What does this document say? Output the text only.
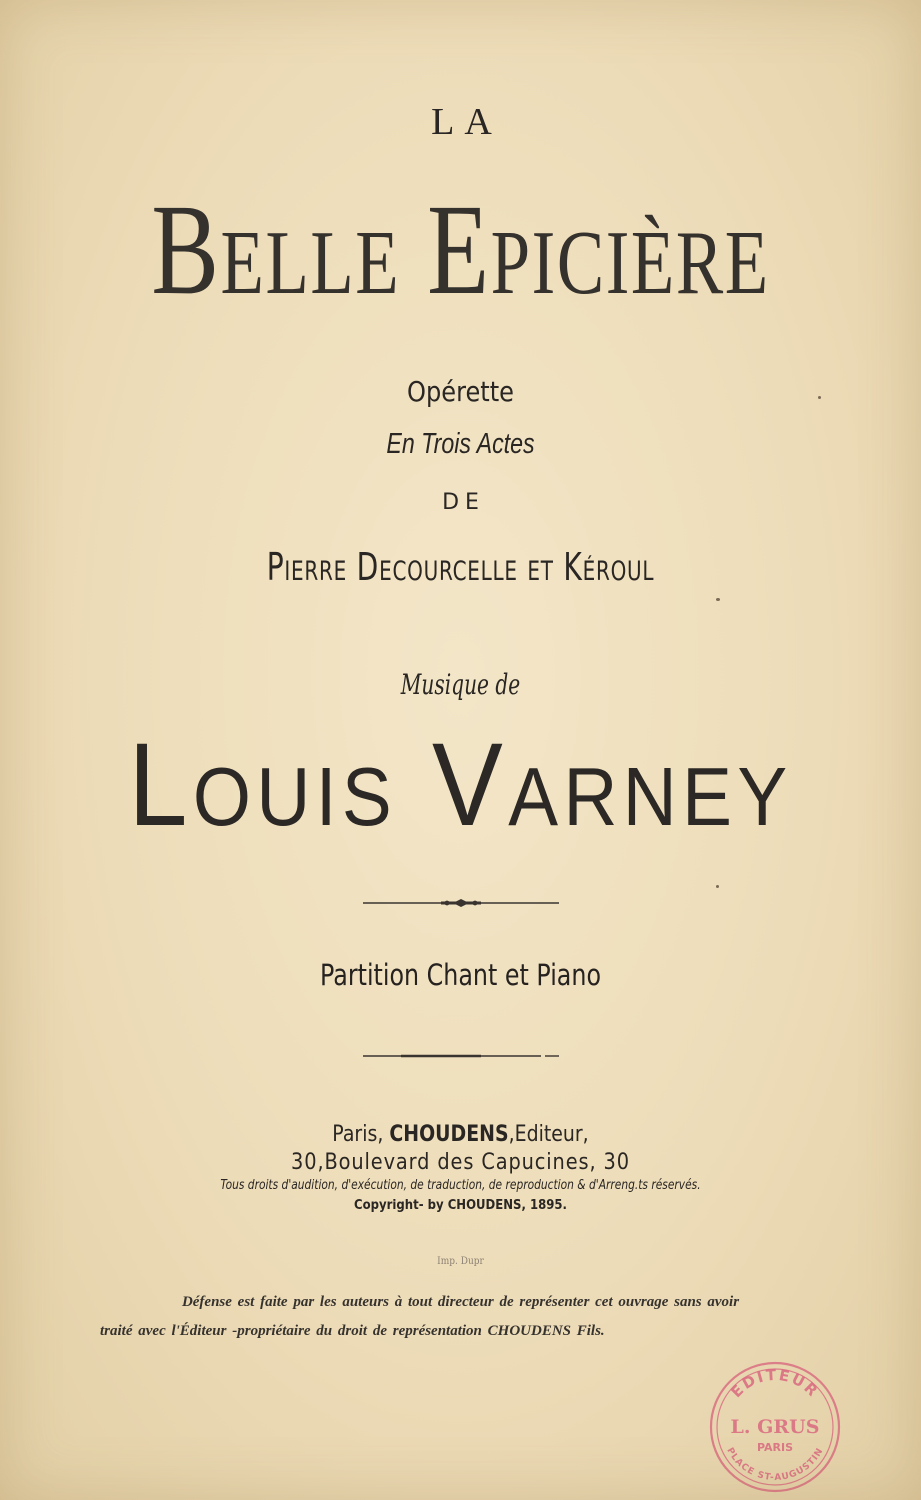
LA
Belle Epicière
Opérette
En Trois Actes
DE
Pierre Decourcelle et Kéroul
Musique de
Louis Varney
Partition Chant et Piano
Paris, CHOUDENS,Editeur,
30,Boulevard des Capucines, 30
Tous droits d'audition, d'exécution, de traduction, de reproduction & d'Arreng.ts réservés.
Copyright- by CHOUDENS, 1895.
Imp. Dupr
Défense est faite par les auteurs à tout directeur de représenter cet ouvrage sans avoir
traité avec l'Éditeur -propriétaire du droit de représentation CHOUDENS Fils.
EDITEUR
L. GRUS
PARIS
PLACE ST-AUGUSTIN
